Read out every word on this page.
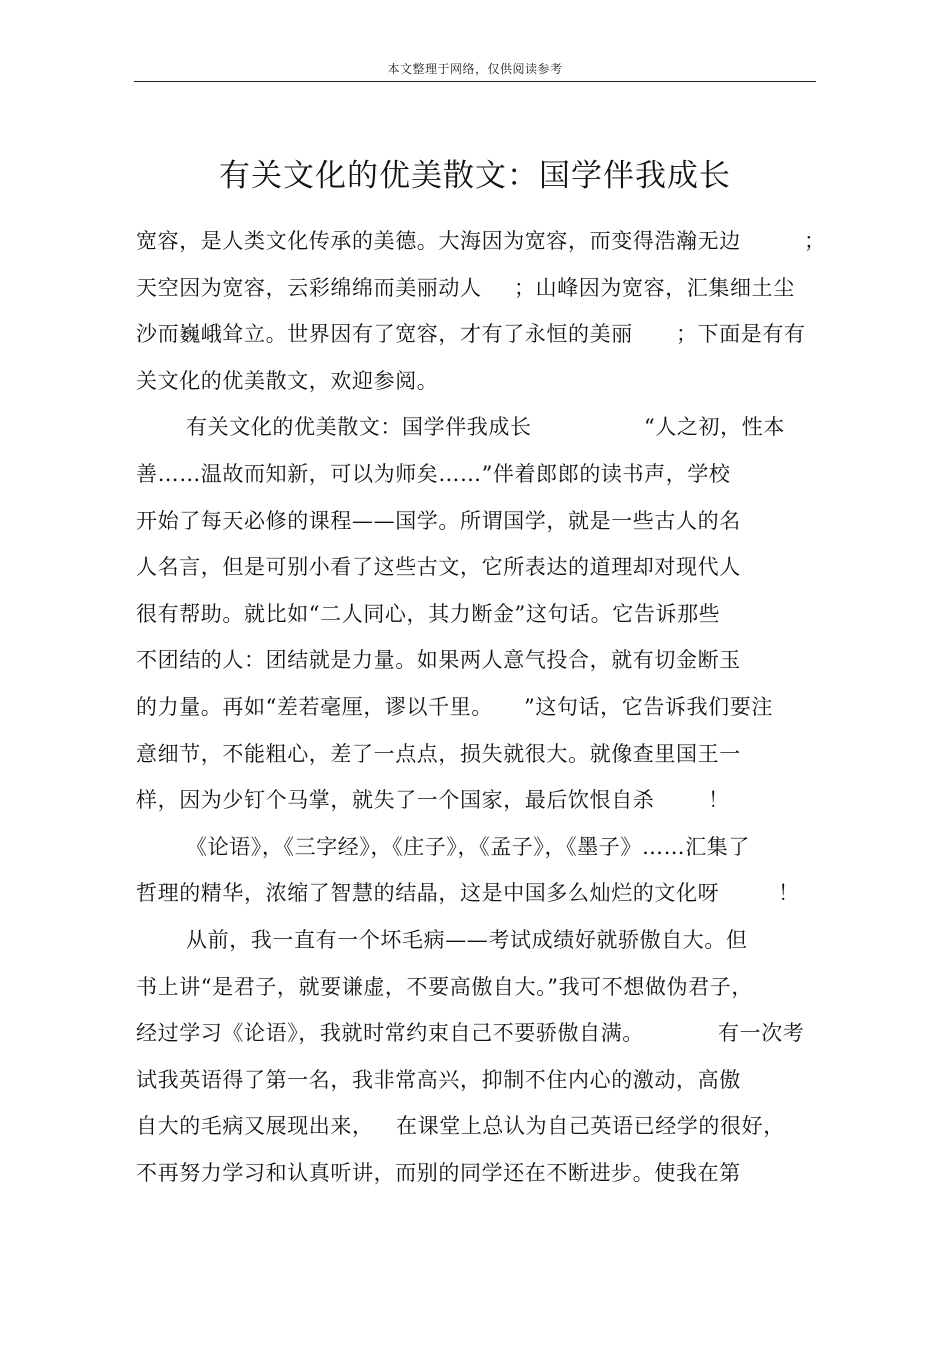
本文整理于网络，仅供阅读参考
有关文化的优美散文：国学伴我成长
宽容，是人类文化传承的美德。大海因为宽容，而变得浩瀚无边	；
天空因为宽容，云彩绵绵而美丽动人 ；山峰因为宽容，汇集细土尘
沙而巍峨耸立。世界因有了宽容，才有了永恒的美丽 ；下面是有有
关文化的优美散文，欢迎参阅。
有关文化的优美散文：国学伴我成长	“人之初，性本
善……温故而知新，可以为师矣……”伴着郎郎的读书声，学校
开始了每天必修的课程——国学。所谓国学，就是一些古人的名
人名言，但是可别小看了这些古文，它所表达的道理却对现代人
很有帮助。就比如“二人同心，其力断金”这句话。它告诉那些
不团结的人：团结就是力量。如果两人意气投合，就有切金断玉
的力量。再如“差若毫厘，谬以千里。 ”这句话，它告诉我们要注
意细节，不能粗心，差了一点点，损失就很大。就像查里国王一
样，因为少钉个马掌，就失了一个国家，最后饮恨自杀	！
《论语》，《三字经》，《庄子》，《孟子》，《墨子》……汇集了
哲理的精华，浓缩了智慧的结晶，这是中国多么灿烂的文化呀	！
从前，我一直有一个坏毛病——考试成绩好就骄傲自大。但
书上讲“是君子，就要谦虚，不要高傲自大。”我可不想做伪君子，
经过学习《论语》，我就时常约束自己不要骄傲自满。	有一次考
试我英语得了第一名，我非常高兴，抑制不住内心的激动，高傲
自大的毛病又展现出来， 在课堂上总认为自己英语已经学的很好，
不再努力学习和认真听讲，而别的同学还在不断进步。使我在第
